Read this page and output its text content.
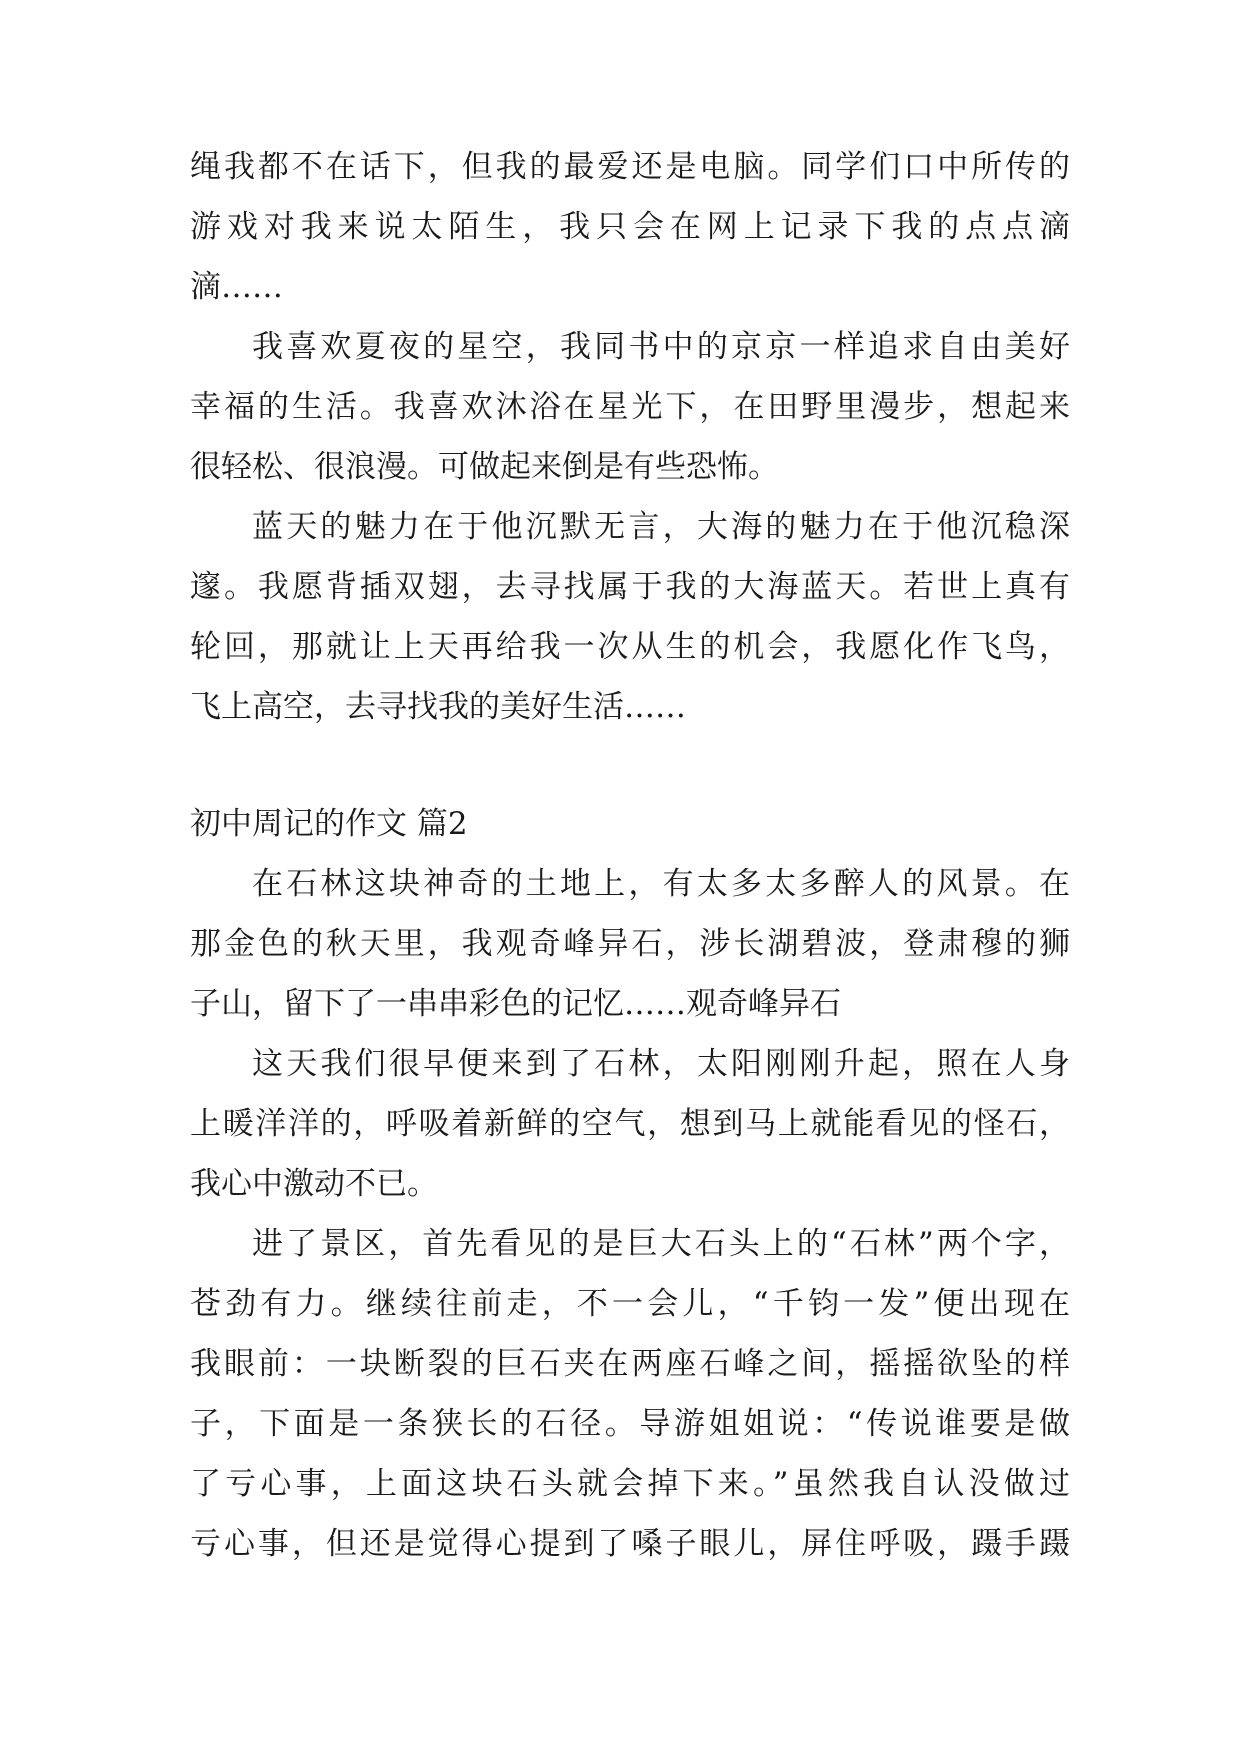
绳我都不在话下，但我的最爱还是电脑。同学们口中所传的
游戏对我来说太陌生，我只会在网上记录下我的点点滴
滴……
我喜欢夏夜的星空，我同书中的京京一样追求自由美好
幸福的生活。我喜欢沐浴在星光下，在田野里漫步，想起来
很轻松、很浪漫。可做起来倒是有些恐怖。
蓝天的魅力在于他沉默无言，大海的魅力在于他沉稳深
邃。我愿背插双翅，去寻找属于我的大海蓝天。若世上真有
轮回，那就让上天再给我一次从生的机会，我愿化作飞鸟，
飞上高空，去寻找我的美好生活……
初中周记的作文 篇2
在石林这块神奇的土地上，有太多太多醉人的风景。在
那金色的秋天里，我观奇峰异石，涉长湖碧波，登肃穆的狮
子山，留下了一串串彩色的记忆……观奇峰异石
这天我们很早便来到了石林，太阳刚刚升起，照在人身
上暖洋洋的，呼吸着新鲜的空气，想到马上就能看见的怪石，
我心中激动不已。
进了景区，首先看见的是巨大石头上的“石林”两个字，
苍劲有力。继续往前走，不一会儿，“千钧一发”便出现在
我眼前：一块断裂的巨石夹在两座石峰之间，摇摇欲坠的样
子，下面是一条狭长的石径。导游姐姐说：“传说谁要是做
了亏心事，上面这块石头就会掉下来。”虽然我自认没做过
亏心事，但还是觉得心提到了嗓子眼儿，屏住呼吸，蹑手蹑
